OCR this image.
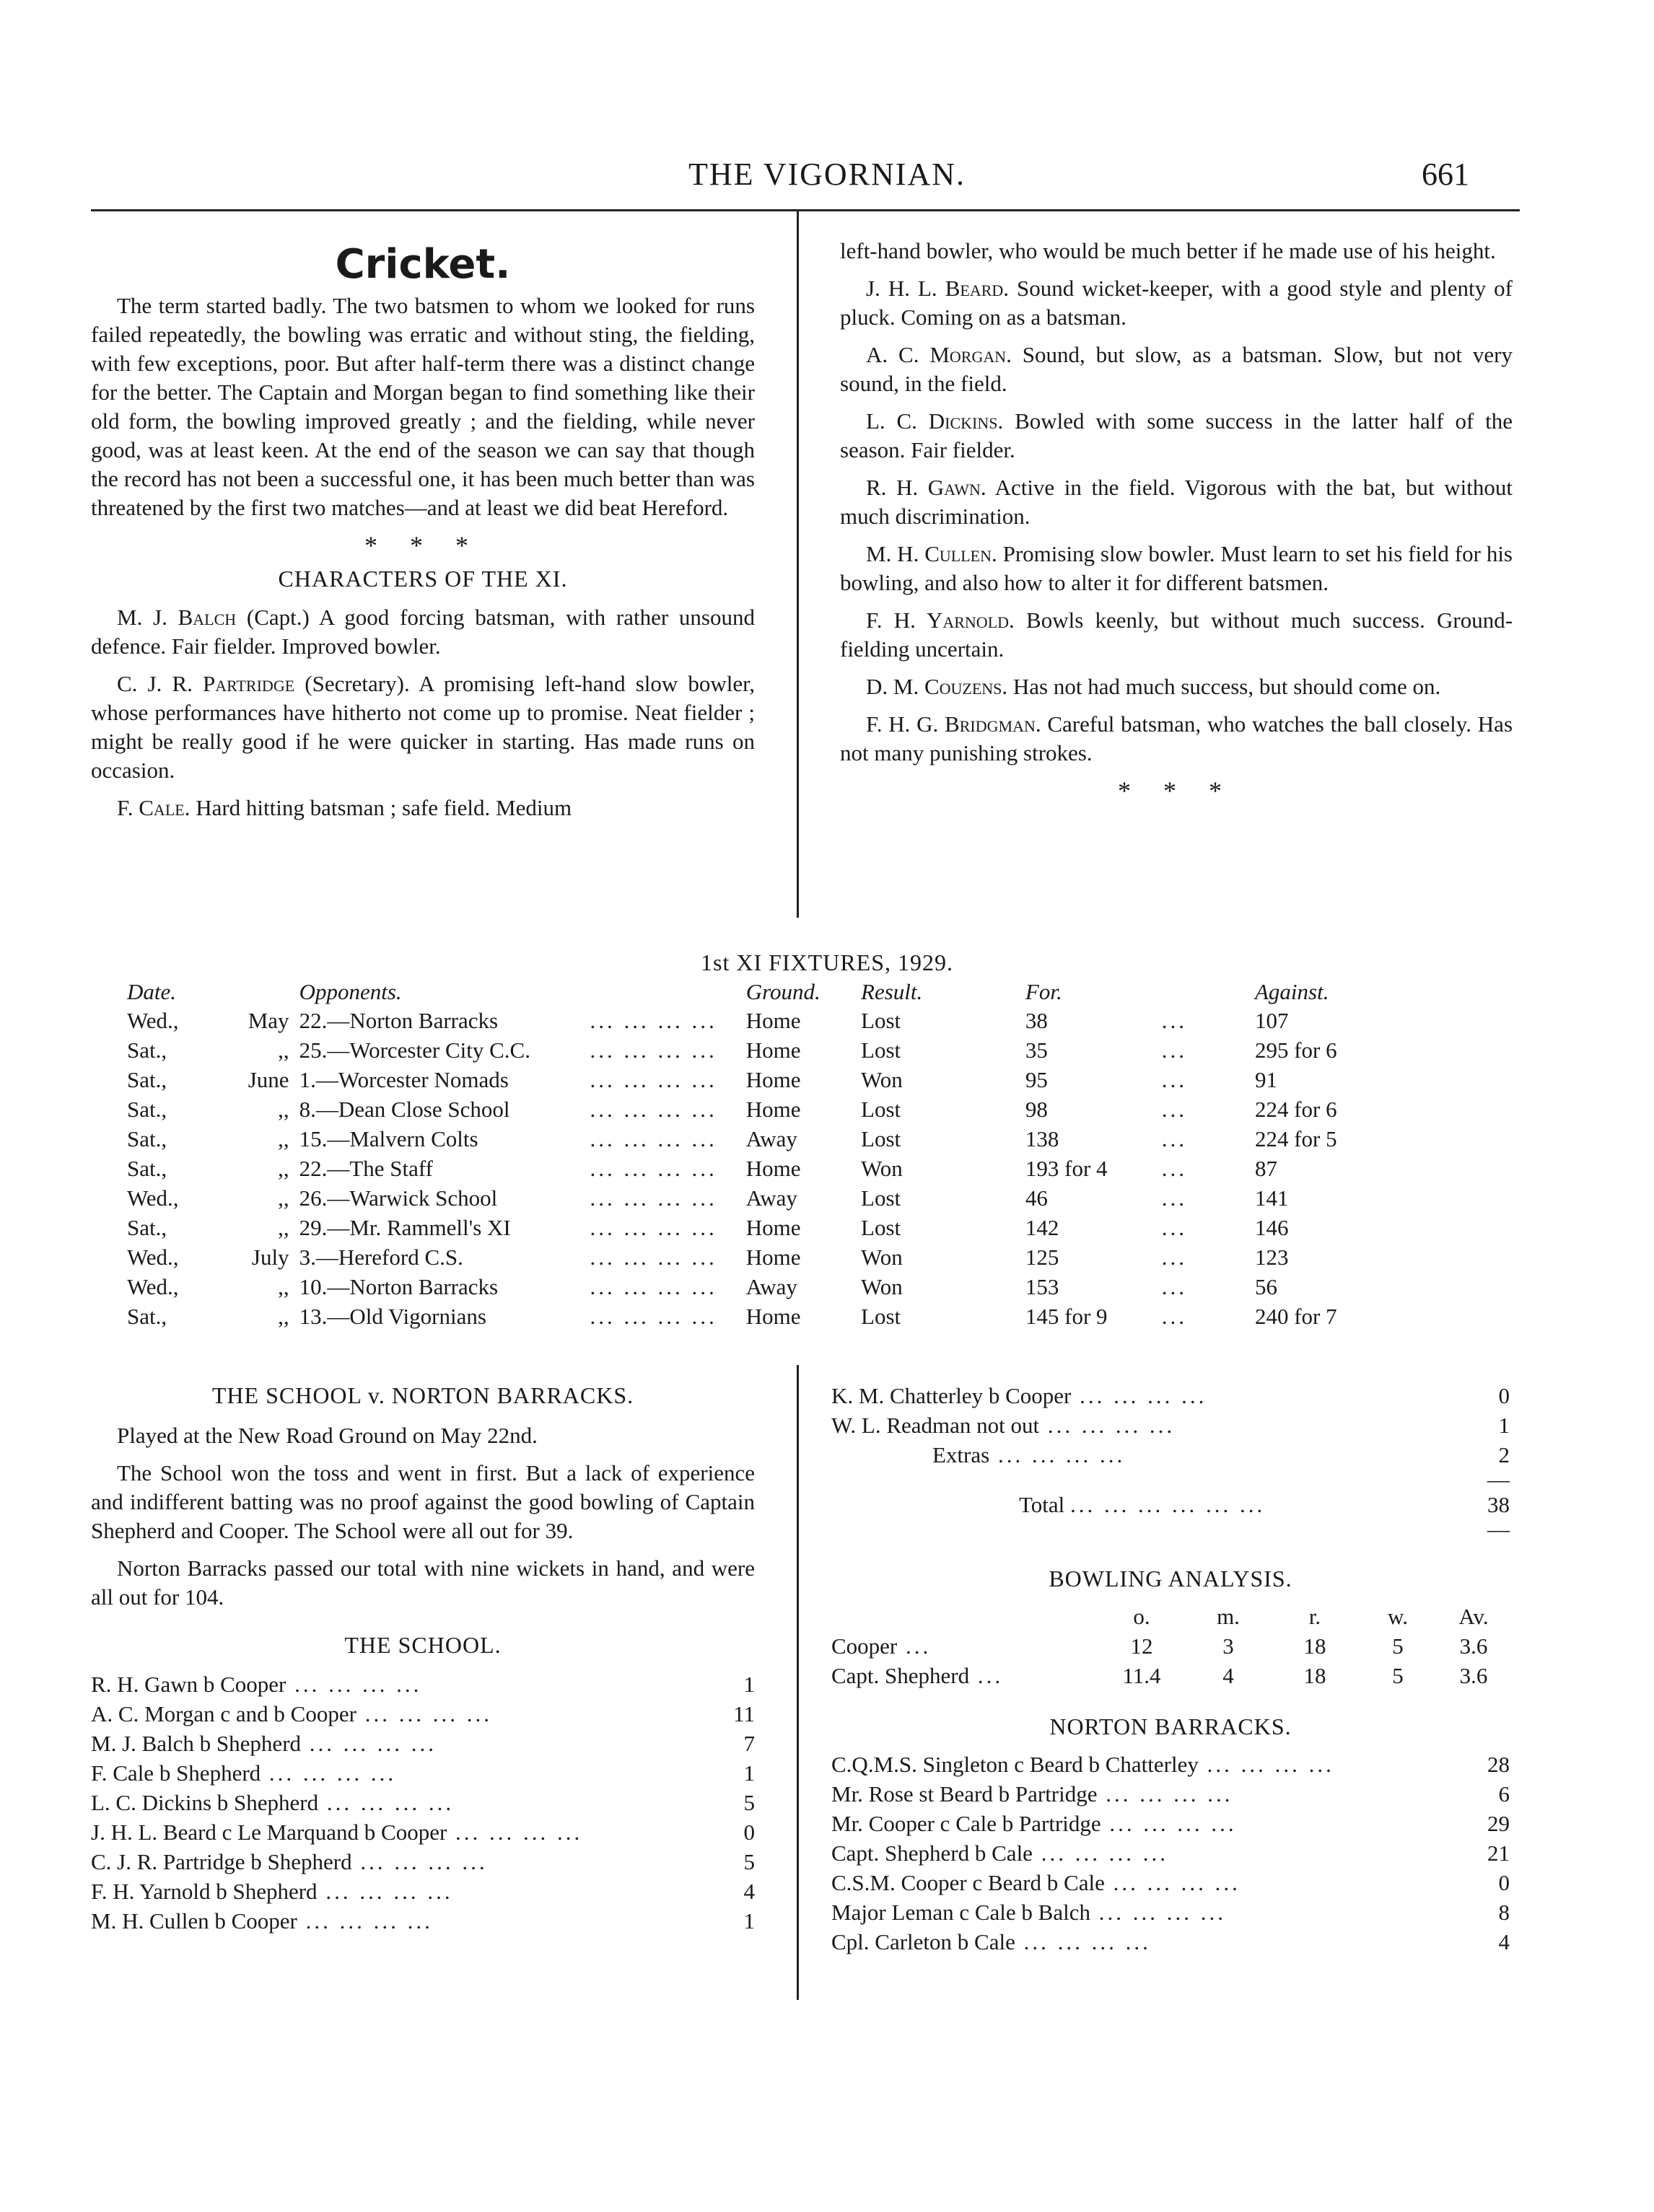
THE VIGORNIAN.	661
Cricket.

The term started badly. The two batsmen to whom we looked for runs failed repeatedly, the bowling was erratic and without sting, the fielding, with few exceptions, poor. But after half-term there was a distinct change for the better. The Captain and Morgan began to find something like their old form, the bowling improved greatly ; and the fielding, while never good, was at least keen. At the end of the season we can say that though the record has not been a successful one, it has been much better than was threatened by the first two matches—and at least we did beat Hereford.

* * *
CHARACTERS OF THE XI.

M. J. Balch (Capt.) A good forcing batsman, with rather unsound defence. Fair fielder. Improved bowler.

C. J. R. Partridge (Secretary). A promising left-hand slow bowler, whose performances have hitherto not come up to promise. Neat fielder ; might be really good if he were quicker in starting. Has made runs on occasion.

F. Cale. Hard hitting batsman ; safe field. Medium

left-hand bowler, who would be much better if he made use of his height.

J. H. L. Beard. Sound wicket-keeper, with a good style and plenty of pluck. Coming on as a batsman.

A. C. Morgan. Sound, but slow, as a batsman. Slow, but not very sound, in the field.

L. C. Dickins. Bowled with some success in the latter half of the season. Fair fielder.

R. H. Gawn. Active in the field. Vigorous with the bat, but without much discrimination.

M. H. Cullen. Promising slow bowler. Must learn to set his field for his bowling, and also how to alter it for different batsmen.

F. H. Yarnold. Bowls keenly, but without much success. Ground-fielding uncertain.

D. M. Couzens. Has not had much success, but should come on.

F. H. G. Bridgman. Careful batsman, who watches the ball closely. Has not many punishing strokes.

* * *
1st XI FIXTURES, 1929.
Date.		Opponents.		Ground.	Result.	For.		Against.
Wed.,	May	22.—Norton Barracks	... ... ... ...	Home	Lost	38	...	107
Sat.,	,,	25.—Worcester City C.C.	... ... ... ...	Home	Lost	35	...	295 for 6
Sat.,	June	1.—Worcester Nomads	... ... ... ...	Home	Won	95	...	91
Sat.,	,,	8.—Dean Close School	... ... ... ...	Home	Lost	98	...	224 for 6
Sat.,	,,	15.—Malvern Colts	... ... ... ...	Away	Lost	138	...	224 for 5
Sat.,	,,	22.—The Staff	... ... ... ...	Home	Won	193 for 4	...	87
Wed.,	,,	26.—Warwick School	... ... ... ...	Away	Lost	46	...	141
Sat.,	,,	29.—Mr. Rammell's XI	... ... ... ...	Home	Lost	142	...	146
Wed.,	July	3.—Hereford C.S.	... ... ... ...	Home	Won	125	...	123
Wed.,	,,	10.—Norton Barracks	... ... ... ...	Away	Won	153	...	56
Sat.,	,,	13.—Old Vigornians	... ... ... ...	Home	Lost	145 for 9	...	240 for 7
THE SCHOOL v. NORTON BARRACKS.

Played at the New Road Ground on May 22nd.

The School won the toss and went in first. But a lack of experience and indifferent batting was no proof against the good bowling of Captain Shepherd and Cooper. The School were all out for 39.

Norton Barracks passed our total with nine wickets in hand, and were all out for 104.

THE SCHOOL.
R. H. Gawn b Cooper ... ... ... ...	1
A. C. Morgan c and b Cooper ... ... ... ...	11
M. J. Balch b Shepherd ... ... ... ...	7
F. Cale b Shepherd ... ... ... ...	1
L. C. Dickins b Shepherd ... ... ... ...	5
J. H. L. Beard c Le Marquand b Cooper ... ... ... ...	0
C. J. R. Partridge b Shepherd ... ... ... ...	5
F. H. Yarnold b Shepherd ... ... ... ...	4
M. H. Cullen b Cooper ... ... ... ...	1
K. M. Chatterley b Cooper ... ... ... ...	0
W. L. Readman not out ... ... ... ...	1
Extras ... ... ... ...	2
—
Total ... ... ... ... ... ...	38
—
BOWLING ANALYSIS.
	o.	m.	r.	w.	Av.
Cooper ...	12	3	18	5	3.6
Capt. Shepherd ...	11.4	4	18	5	3.6
NORTON BARRACKS.
C.Q.M.S. Singleton c Beard b Chatterley ... ... ... ...	28
Mr. Rose st Beard b Partridge ... ... ... ...	6
Mr. Cooper c Cale b Partridge ... ... ... ...	29
Capt. Shepherd b Cale ... ... ... ...	21
C.S.M. Cooper c Beard b Cale ... ... ... ...	0
Major Leman c Cale b Balch ... ... ... ...	8
Cpl. Carleton b Cale ... ... ... ...	4
